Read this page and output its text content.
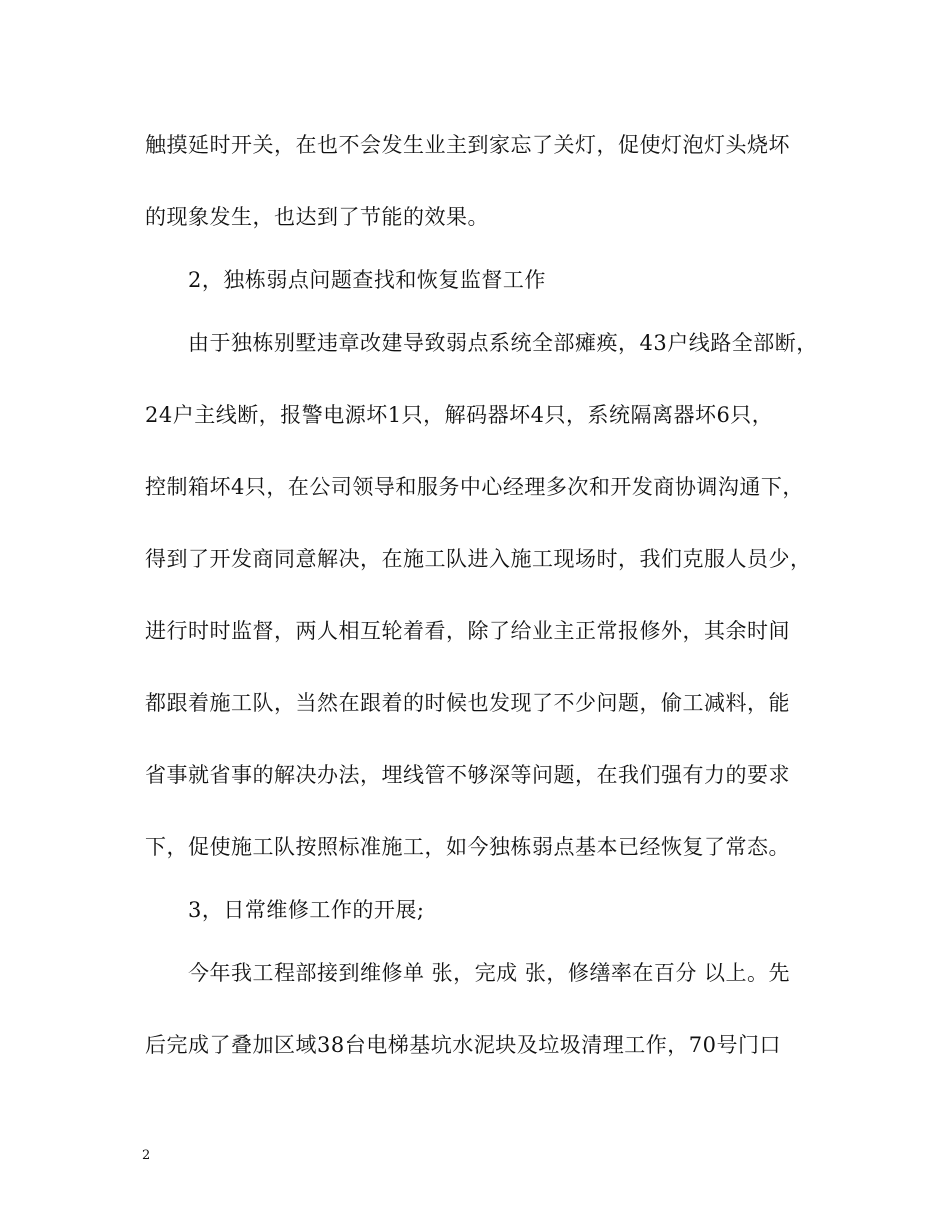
触摸延时开关，在也不会发生业主到家忘了关灯，促使灯泡灯头烧坏
的现象发生，也达到了节能的效果。
2，独栋弱点问题查找和恢复监督工作
由于独栋别墅违章改建导致弱点系统全部瘫痪，43户线路全部断，
24户主线断，报警电源坏1只，解码器坏4只，系统隔离器坏6只，
控制箱坏4只，在公司领导和服务中心经理多次和开发商协调沟通下，
得到了开发商同意解决，在施工队进入施工现场时，我们克服人员少，
进行时时监督，两人相互轮着看，除了给业主正常报修外，其余时间
都跟着施工队，当然在跟着的时候也发现了不少问题，偷工减料，能
省事就省事的解决办法，埋线管不够深等问题，在我们强有力的要求
下，促使施工队按照标准施工，如今独栋弱点基本已经恢复了常态。
3，日常维修工作的开展;
今年我工程部接到维修单 张，完成 张，修缮率在百分 以上。先
后完成了叠加区域38台电梯基坑水泥块及垃圾清理工作，70号门口
2
